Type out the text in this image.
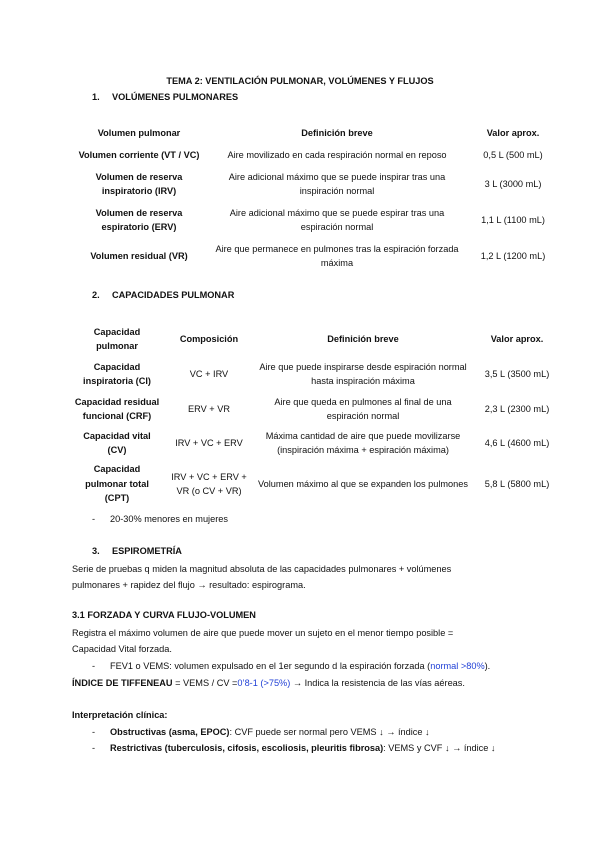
TEMA 2: VENTILACIÓN PULMONAR, VOLÚMENES Y FLUJOS
1. VOLÚMENES PULMONARES
Volumen pulmonar	Definición breve	Valor aprox.
Volumen corriente (VT / VC)	Aire movilizado en cada respiración normal en reposo	0,5 L (500 mL)
Volumen de reserva inspiratorio (IRV)	Aire adicional máximo que se puede inspirar tras una inspiración normal	3 L (3000 mL)
Volumen de reserva espiratorio (ERV)	Aire adicional máximo que se puede espirar tras una espiración normal	1,1 L (1100 mL)
Volumen residual (VR)	Aire que permanece en pulmones tras la espiración forzada máxima	1,2 L (1200 mL)
2. CAPACIDADES PULMONAR
Capacidad pulmonar	Composición	Definición breve	Valor aprox.
Capacidad inspiratoria (CI)	VC + IRV	Aire que puede inspirarse desde espiración normal hasta inspiración máxima	3,5 L (3500 mL)
Capacidad residual funcional (CRF)	ERV + VR	Aire que queda en pulmones al final de una espiración normal	2,3 L (2300 mL)
Capacidad vital (CV)	IRV + VC + ERV	Máxima cantidad de aire que puede movilizarse (inspiración máxima + espiración máxima)	4,6 L (4600 mL)
Capacidad pulmonar total (CPT)	IRV + VC + ERV + VR (o CV + VR)	Volumen máximo al que se expanden los pulmones	5,8 L (5800 mL)
- 20-30% menores en mujeres
3. ESPIROMETRÍA
Serie de pruebas q miden la magnitud absoluta de las capacidades pulmonares + volúmenes
pulmonares + rapidez del flujo → resultado: espirograma.
3.1 FORZADA Y CURVA FLUJO-VOLUMEN
Registra el máximo volumen de aire que puede mover un sujeto en el menor tiempo posible =
Capacidad Vital forzada.
- FEV1 o VEMS: volumen expulsado en el 1er segundo d la espiración forzada (normal >80%).
ÍNDICE DE TIFFENEAU = VEMS / CV =0’8-1 (>75%) → Indica la resistencia de las vías aéreas.
Interpretación clínica:
- Obstructivas (asma, EPOC): CVF puede ser normal pero VEMS ↓ → índice ↓
- Restrictivas (tuberculosis, cifosis, escoliosis, pleuritis fibrosa): VEMS y CVF ↓ → índice ↓
